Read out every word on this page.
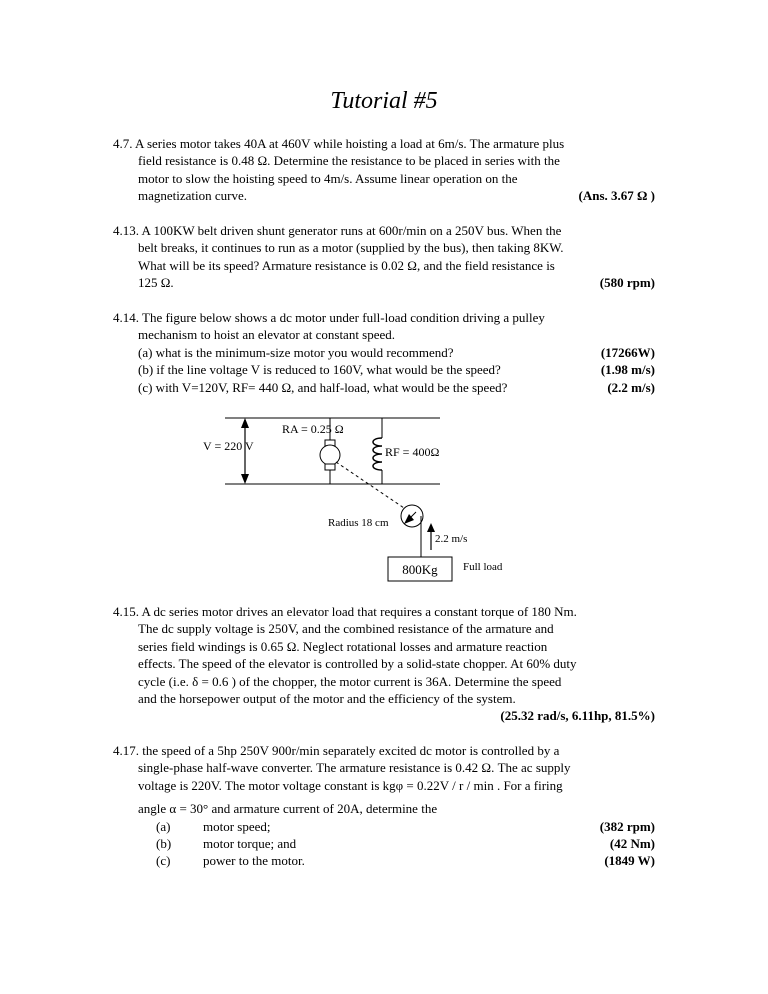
Tutorial #5

4.7. A series motor takes 40A at 460V while hoisting a load at 6m/s. The armature plus

field resistance is 0.48 Ω. Determine the resistance to be placed in series with the

motor to slow the hoisting speed to 4m/s. Assume linear operation on the

magnetization curve.	(Ans. 3.67 Ω )

4.13. A 100KW belt driven shunt generator runs at 600r/min on a 250V bus. When the

belt breaks, it continues to run as a motor (supplied by the bus), then taking 8KW.

What will be its speed? Armature resistance is 0.02 Ω, and the field resistance is

125 Ω.	(580 rpm)

4.14. The figure below shows a dc motor under full-load condition driving a pulley

mechanism to hoist an elevator at constant speed.

(a) what is the minimum-size motor you would recommend?	(17266W)
(b) if the line voltage V is reduced to 160V, what would be the speed?	(1.98 m/s)
(c) with V=120V, RF= 440 Ω, and half-load, what would be the speed?	(2.2 m/s)
V = 220 V
RA = 0.25 Ω
RF = 400Ω
Radius 18 cm
2.2 m/s
800Kg Full load

4.15. A dc series motor drives an elevator load that requires a constant torque of 180 Nm.

The dc supply voltage is 250V, and the combined resistance of the armature and

series field windings is 0.65 Ω. Neglect rotational losses and armature reaction

effects. The speed of the elevator is controlled by a solid-state chopper. At 60% duty

cycle (i.e. δ = 0.6 ) of the chopper, the motor current is 36A. Determine the speed

and the horsepower output of the motor and the efficiency of the system.

(25.32 rad/s, 6.11hp, 81.5%)

4.17. the speed of a 5hp 250V 900r/min separately excited dc motor is controlled by a

single-phase half-wave converter. The armature resistance is 0.42 Ω. The ac supply

voltage is 220V. The motor voltage constant is kgφ = 0.22V / r / min . For a firing

angle α = 30° and armature current of 20A, determine the

(a)	motor speed;	(382 rpm)
(b)	motor torque; and	(42 Nm)
(c)	power to the motor.	(1849 W)
